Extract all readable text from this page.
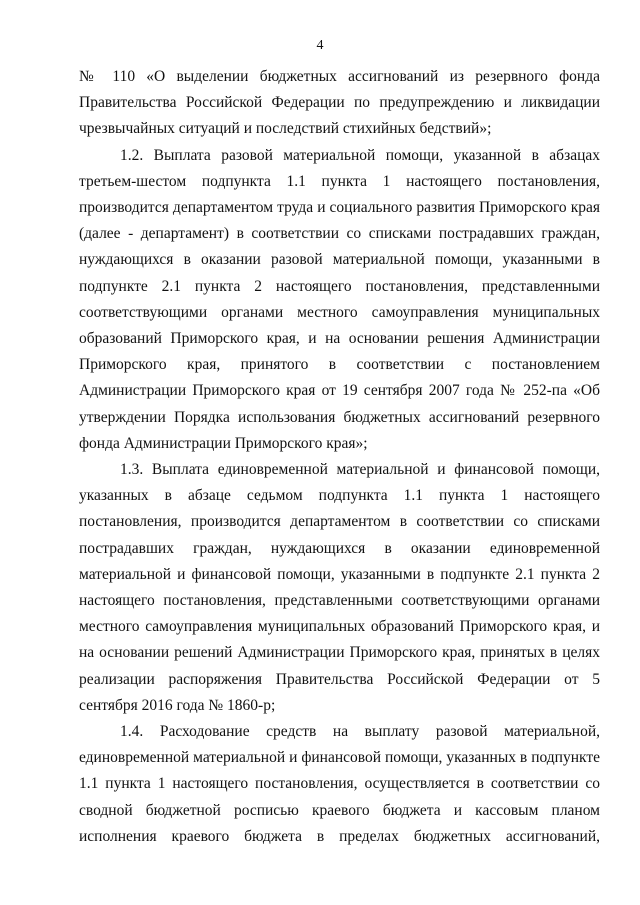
4

№ 110 «О выделении бюджетных ассигнований из резервного фонда Правительства Российской Федерации по предупреждению и ликвидации чрезвычайных ситуаций и последствий стихийных бедствий»;

1.2. Выплата разовой материальной помощи, указанной в абзацах третьем-шестом подпункта 1.1 пункта 1 настоящего постановления, производится департаментом труда и социального развития Приморского края (далее - департамент) в соответствии со списками пострадавших граждан, нуждающихся в оказании разовой материальной помощи, указанными в подпункте 2.1 пункта 2 настоящего постановления, представленными соответствующими органами местного самоуправления муниципальных образований Приморского края, и на основании решения Администрации Приморского края, принятого в соответствии с постановлением Администрации Приморского края от 19 сентября 2007 года № 252-па «Об утверждении Порядка использования бюджетных ассигнований резервного фонда Администрации Приморского края»;

1.3. Выплата единовременной материальной и финансовой помощи, указанных в абзаце седьмом подпункта 1.1 пункта 1 настоящего постановления, производится департаментом в соответствии со списками пострадавших граждан, нуждающихся в оказании единовременной материальной и финансовой помощи, указанными в подпункте 2.1 пункта 2 настоящего постановления, представленными соответствующими органами местного самоуправления муниципальных образований Приморского края, и на основании решений Администрации Приморского края, принятых в целях реализации распоряжения Правительства Российской Федерации от 5 сентября 2016 года № 1860-р;

1.4. Расходование средств на выплату разовой материальной, единовременной материальной и финансовой помощи, указанных в подпункте 1.1 пункта 1 настоящего постановления, осуществляется в соответствии со сводной бюджетной росписью краевого бюджета и кассовым планом исполнения краевого бюджета в пределах бюджетных ассигнований,
